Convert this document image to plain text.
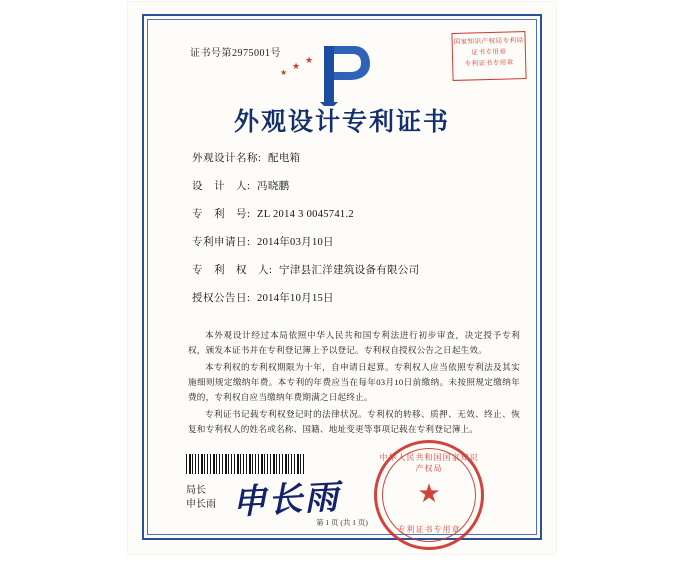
国家知识产权局专利局
证书专用章
专利证书专用章
证书号第2975001号
★
★
★
外观设计专利证书
外观设计名称: 配电箱
设　计　人: 冯晓鹏
专　利　号: ZL 2014 3 0045741.2
专利申请日: 2014年03月10日
专　利　权　人: 宁津县汇洋建筑设备有限公司
授权公告日: 2014年10月15日

本外观设计经过本局依照中华人民共和国专利法进行初步审查，决定授予专利权，颁发本证书并在专利登记簿上予以登记。专利权自授权公告之日起生效。

本专利权的专利权期限为十年，自申请日起算。专利权人应当依照专利法及其实施细则规定缴纳年费。本专利的年费应当在每年03月10日前缴纳。未按照规定缴纳年费的，专利权自应当缴纳年费期满之日起终止。

专利证书记载专利权登记时的法律状况。专利权的转移、质押、无效、终止、恢复和专利权人的姓名或名称、国籍、地址变更等事项记载在专利登记簿上。

局长
申长雨 申长雨
中华人民共和国国家知识产权局
★
专利证书专用章
第 1 页 (共 1 页)
